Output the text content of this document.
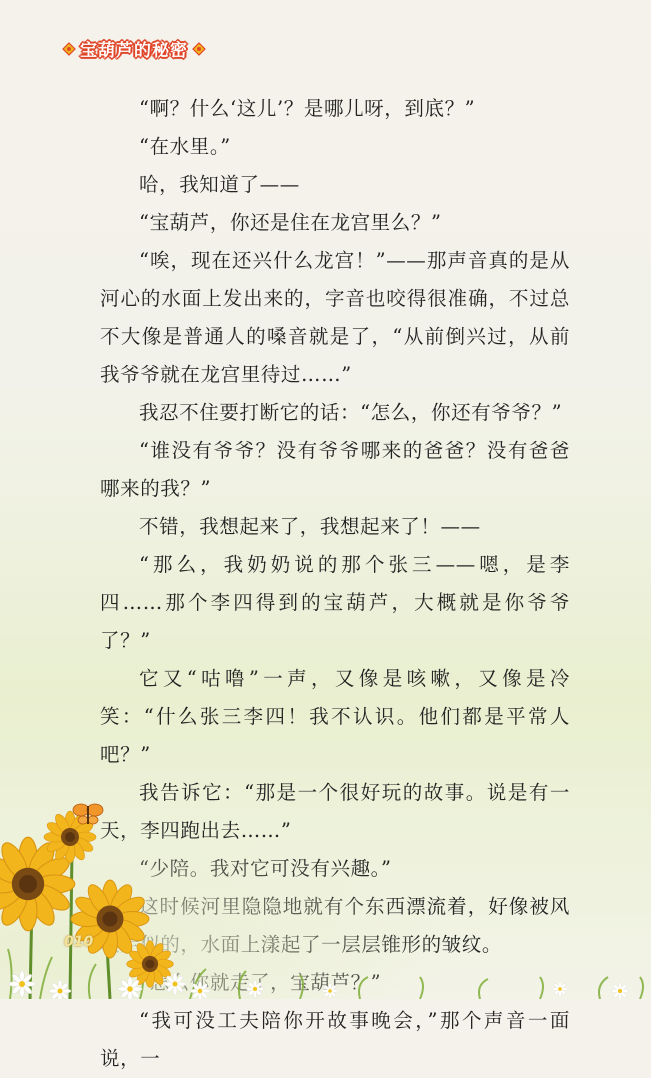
宝葫芦的秘密

“啊？什么‘这儿’？是哪儿呀，到底？”

“在水里。”

哈，我知道了——

“宝葫芦，你还是住在龙宫里么？”

“唉，现在还兴什么龙宫！”——那声音真的是从河心的水面上发出来的，字音也咬得很准确，不过总不大像是普通人的嗓音就是了，“从前倒兴过，从前我爷爷就在龙宫里待过……”

我忍不住要打断它的话：“怎么，你还有爷爷？”

“谁没有爷爷？没有爷爷哪来的爸爸？没有爸爸哪来的我？”

不错，我想起来了，我想起来了！——

“那么，我奶奶说的那个张三——嗯，是李四……那个李四得到的宝葫芦，大概就是你爷爷了？”

它又“咕噜”一声，又像是咳嗽，又像是冷笑：“什么张三李四！我不认识。他们都是平常人吧？”

“我可没工夫陪你开故事晚会，”那个声音一面说，一

010
